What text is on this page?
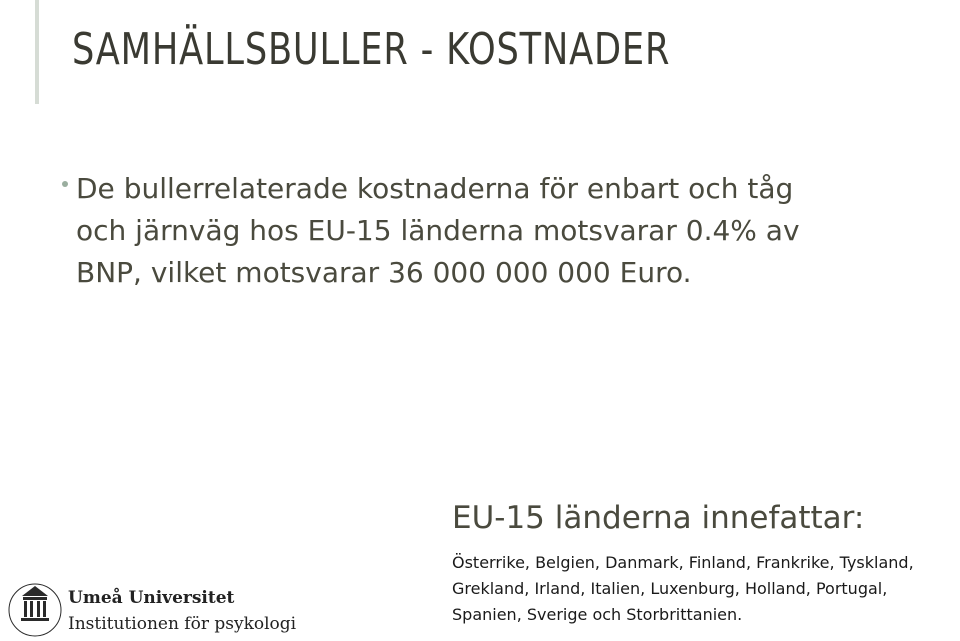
SAMHÄLLSBULLER - KOSTNADER
De bullerrelaterade kostnaderna för enbart och tåg
och järnväg hos EU-15 länderna motsvarar 0.4% av
BNP, vilket motsvarar 36 000 000 000 Euro.
Umeå Universitet
Institutionen för psykologi
EU-15 länderna innefattar:
Österrike, Belgien, Danmark, Finland, Frankrike, Tyskland,
Grekland, Irland, Italien, Luxenburg, Holland, Portugal,
Spanien, Sverige och Storbrittanien.
